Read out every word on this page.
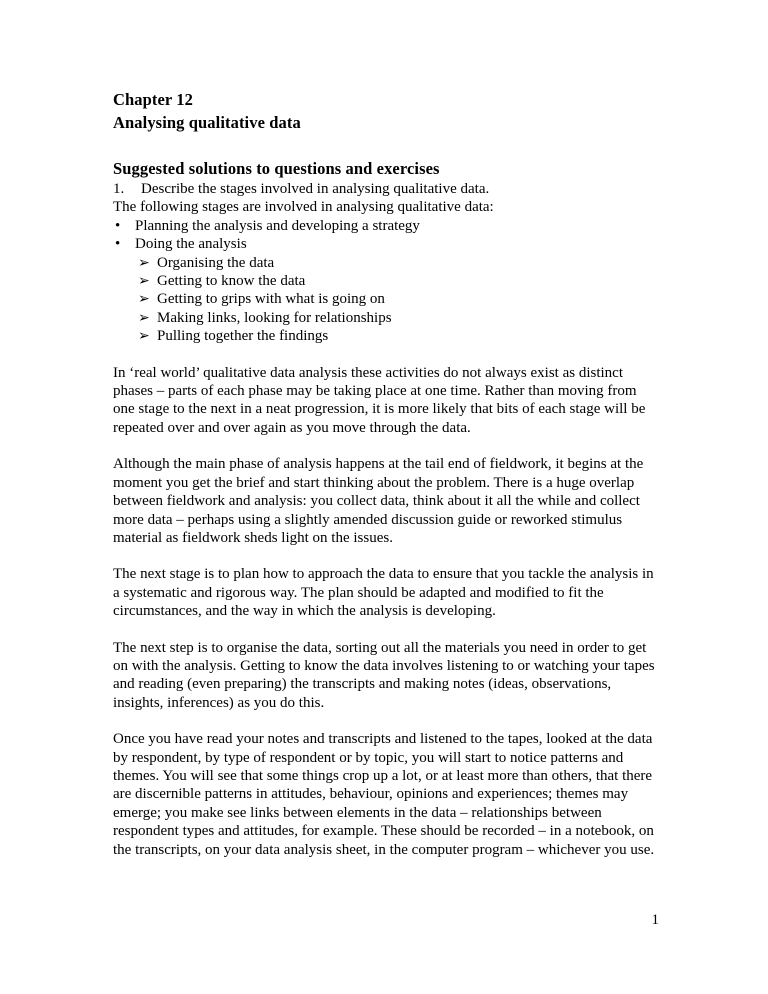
Chapter 12
Analysing qualitative data
Suggested solutions to questions and exercises
1. Describe the stages involved in analysing qualitative data.
The following stages are involved in analysing qualitative data:
• Planning the analysis and developing a strategy
• Doing the analysis
➢ Organising the data
➢ Getting to know the data
➢ Getting to grips with what is going on
➢ Making links, looking for relationships
➢ Pulling together the findings

In ‘real world’ qualitative data analysis these activities do not always exist as distinct phases – parts of each phase may be taking place at one time. Rather than moving from one stage to the next in a neat progression, it is more likely that bits of each stage will be repeated over and over again as you move through the data.

Although the main phase of analysis happens at the tail end of fieldwork, it begins at the moment you get the brief and start thinking about the problem. There is a huge overlap between fieldwork and analysis: you collect data, think about it all the while and collect more data – perhaps using a slightly amended discussion guide or reworked stimulus material as fieldwork sheds light on the issues.

The next stage is to plan how to approach the data to ensure that you tackle the analysis in a systematic and rigorous way. The plan should be adapted and modified to fit the circumstances, and the way in which the analysis is developing.

The next step is to organise the data, sorting out all the materials you need in order to get on with the analysis. Getting to know the data involves listening to or watching your tapes and reading (even preparing) the transcripts and making notes (ideas, observations, insights, inferences) as you do this.

Once you have read your notes and transcripts and listened to the tapes, looked at the data by respondent, by type of respondent or by topic, you will start to notice patterns and themes. You will see that some things crop up a lot, or at least more than others, that there are discernible patterns in attitudes, behaviour, opinions and experiences; themes may emerge; you make see links between elements in the data – relationships between respondent types and attitudes, for example. These should be recorded – in a notebook, on the transcripts, on your data analysis sheet, in the computer program – whichever you use.

1
